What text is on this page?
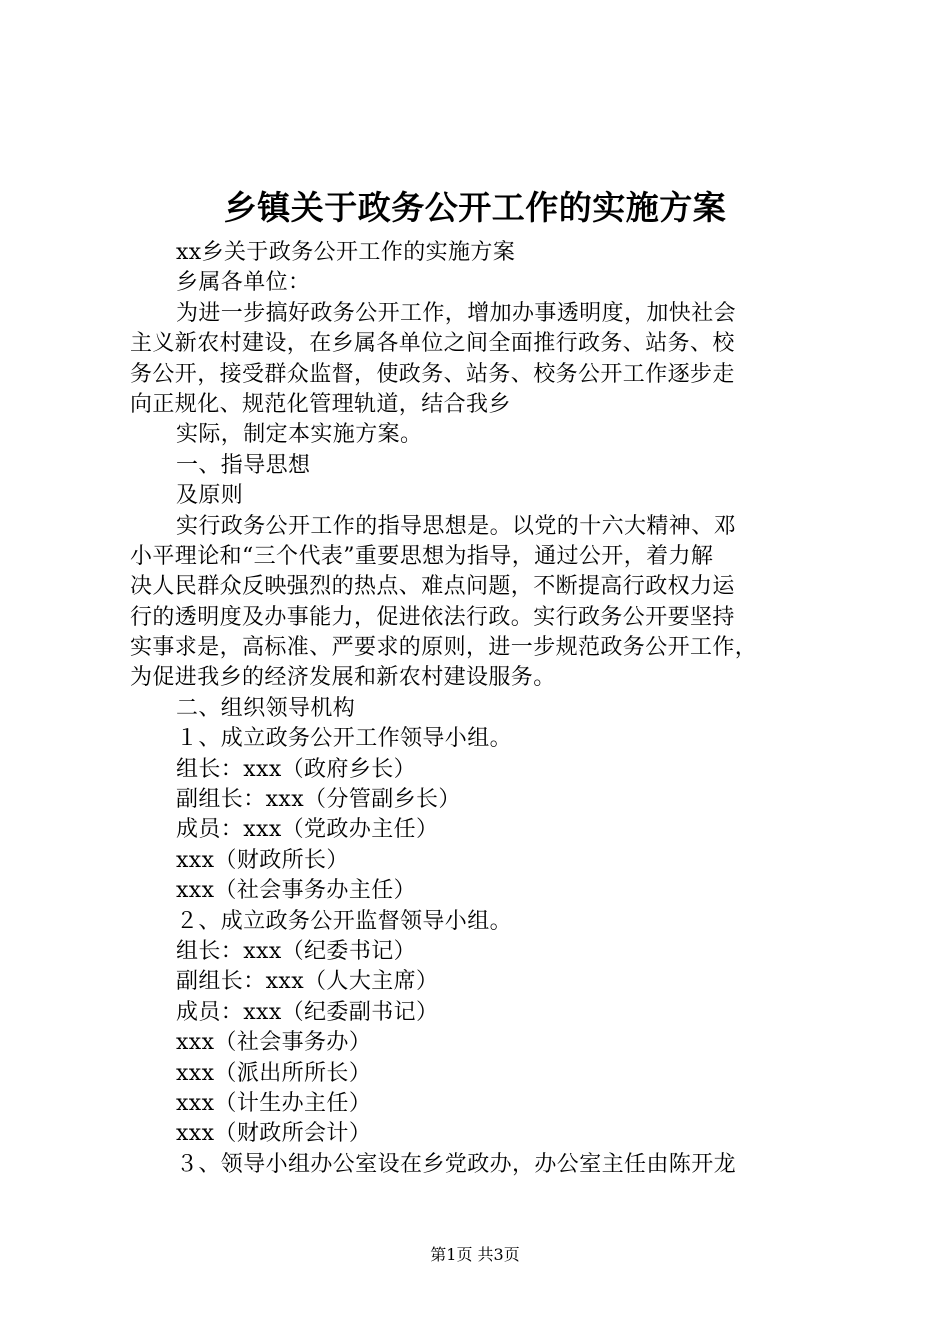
乡镇关于政务公开工作的实施方案
xx乡关于政务公开工作的实施方案
乡属各单位：
为进一步搞好政务公开工作，增加办事透明度，加快社会
主义新农村建设，在乡属各单位之间全面推行政务、站务、校
务公开，接受群众监督，使政务、站务、校务公开工作逐步走
向正规化、规范化管理轨道，结合我乡
实际，制定本实施方案。
一、指导思想
及原则
实行政务公开工作的指导思想是。以党的十六大精神、邓
小平理论和“三个代表”重要思想为指导，通过公开，着力解
决人民群众反映强烈的热点、难点问题，不断提高行政权力运
行的透明度及办事能力，促进依法行政。实行政务公开要坚持
实事求是，高标准、严要求的原则，进一步规范政务公开工作，
为促进我乡的经济发展和新农村建设服务。
二、组织领导机构
１、成立政务公开工作领导小组。
组长：xxx（政府乡长）
副组长：xxx（分管副乡长）
成员：xxx（党政办主任）
xxx（财政所长）
xxx（社会事务办主任）
２、成立政务公开监督领导小组。
组长：xxx（纪委书记）
副组长：xxx（人大主席）
成员：xxx（纪委副书记）
xxx（社会事务办）
xxx（派出所所长）
xxx（计生办主任）
xxx（财政所会计）
３、领导小组办公室设在乡党政办，办公室主任由陈开龙
第1页 共3页
